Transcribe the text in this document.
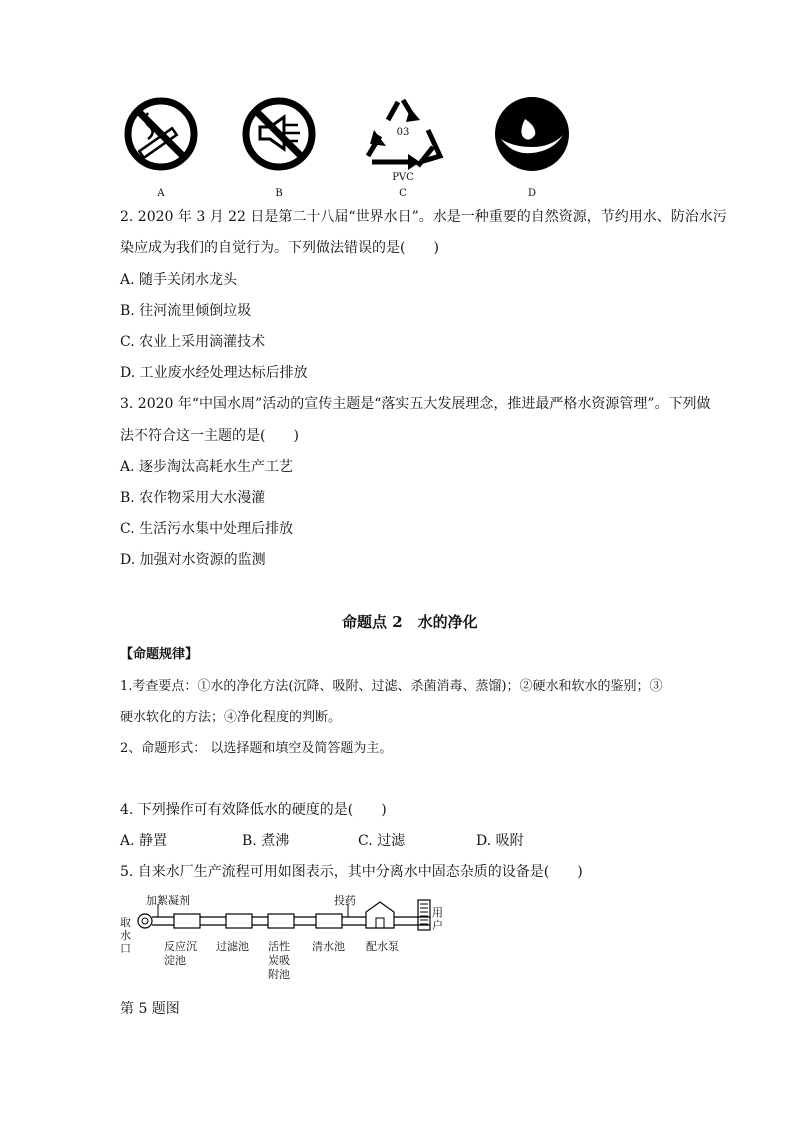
03
PVC
A	B	C	D
2. 2020 年 3 月 22 日是第二十八届“世界水日”。水是一种重要的自然资源，节约用水、防治水污
染应成为我们的自觉行为。下列做法错误的是(　　)
A. 随手关闭水龙头
B. 往河流里倾倒垃圾
C. 农业上采用滴灌技术
D. 工业废水经处理达标后排放
3. 2020 年“中国水周”活动的宣传主题是“落实五大发展理念，推进最严格水资源管理”。下列做
法不符合这一主题的是(　　)
A. 逐步淘汰高耗水生产工艺
B. 农作物采用大水漫灌
C. 生活污水集中处理后排放
D. 加强对水资源的监测
命题点 2　水的净化
【命题规律】
1.考查要点：①水的净化方法(沉降、吸附、过滤、杀菌消毒、蒸馏)；②硬水和软水的鉴别；③
硬水软化的方法；④净化程度的判断。
2、命题形式： 以选择题和填空及简答题为主。
4. 下列操作可有效降低水的硬度的是(　　)
A. 静置	B. 煮沸	C. 过滤	D. 吸附
5. 自来水厂生产流程可用如图表示，其中分离水中固态杂质的设备是(　　)
加絮凝剂	投药
取
水
口
用
户
反应沉
淀池
过滤池 活性
炭吸
附池
清水池 配水泵
第 5 题图
